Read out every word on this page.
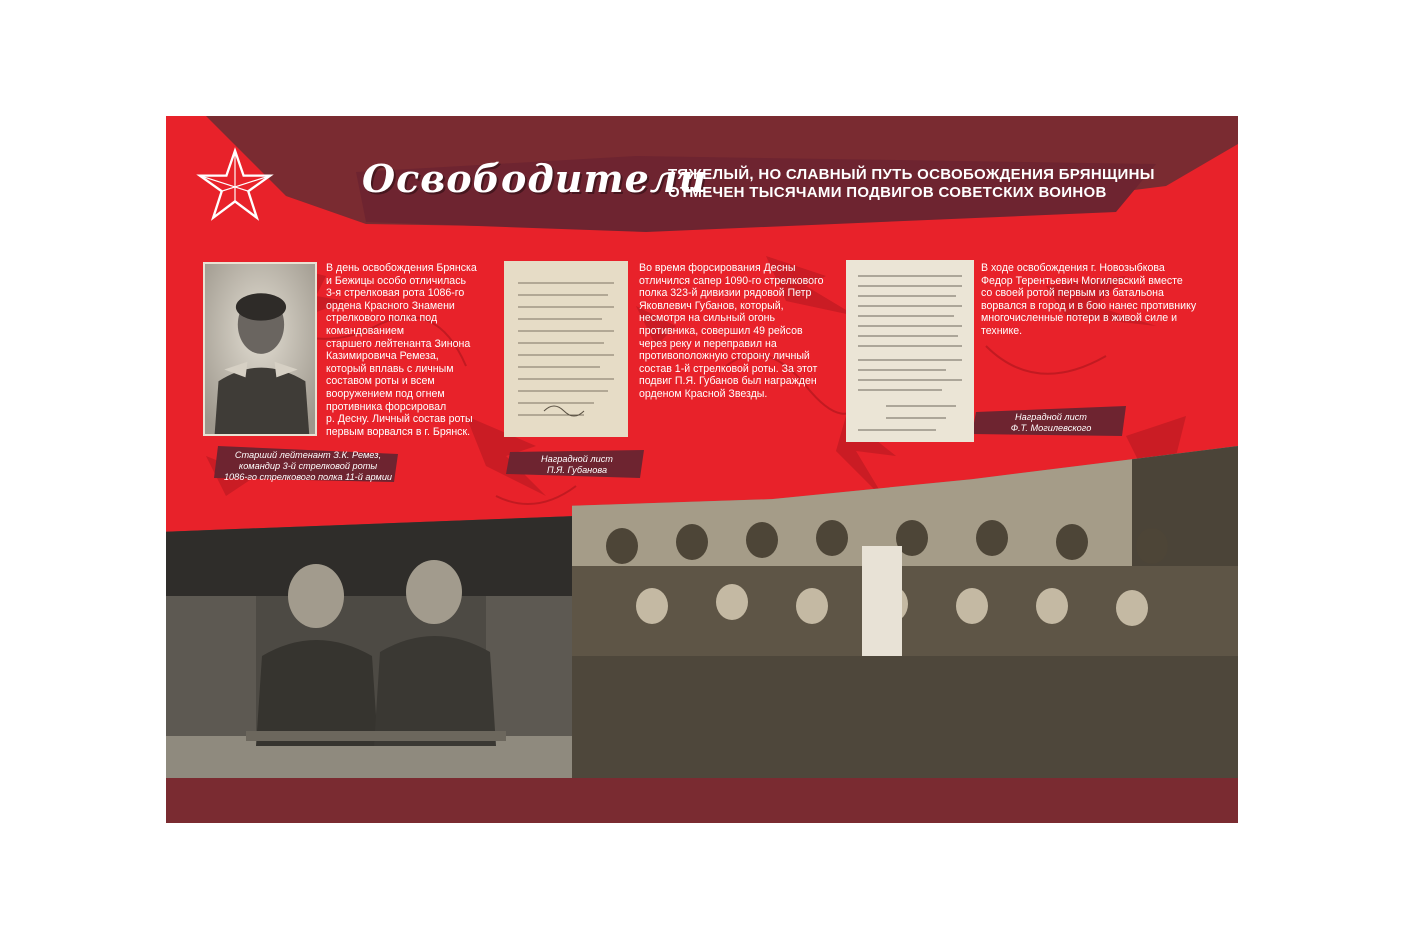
Освободители
ТЯЖЕЛЫЙ, НО СЛАВНЫЙ ПУТЬ ОСВОБОЖДЕНИЯ БРЯНЩИНЫ
ОТМЕЧЕН ТЫСЯЧАМИ ПОДВИГОВ СОВЕТСКИХ ВОИНОВ
В день освобождения Брянска
и Бежицы особо отличилась
3-я стрелковая рота 1086-го
ордена Красного Знамени
стрелкового полка под
командованием
старшего лейтенанта Зинона
Казимировича Ремеза,
который вплавь с личным
составом роты и всем
вооружением под огнем
противника форсировал
р. Десну. Личный состав роты
первым ворвался в г. Брянск.
Старший лейтенант З.К. Ремез,
командир 3-й стрелковой роты
1086-го стрелкового полка 11-й армии
Во время форсирования Десны
отличился сапер 1090-го стрелкового
полка 323-й дивизии рядовой Петр
Яковлевич Губанов, который,
несмотря на сильный огонь
противника, совершил 49 рейсов
через реку и переправил на
противоположную сторону личный
состав 1-й стрелковой роты. За этот
подвиг П.Я. Губанов был награжден
орденом Красной Звезды.
Наградной лист
П.Я. Губанова
В ходе освобождения г. Новозыбкова
Федор Терентьевич Могилевский вместе
со своей ротой первым из батальона
ворвался в город и в бою нанес противнику
многочисленные потери в живой силе и
технике.
Наградной лист
Ф.Т. Могилевского
